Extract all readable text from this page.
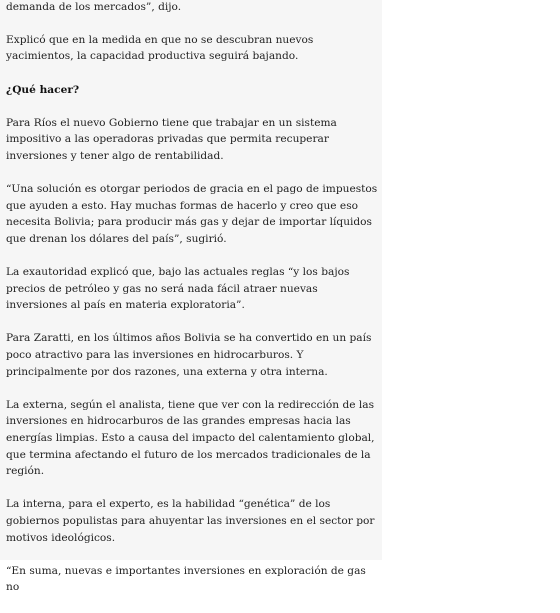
demanda de los mercados”, dijo.

Explicó que en la medida en que no se descubran nuevos yacimientos, la capacidad productiva seguirá bajando.

¿Qué hacer?

Para Ríos el nuevo Gobierno tiene que trabajar en un sistema impositivo a las operadoras privadas que permita recuperar inversiones y tener algo de rentabilidad.

“Una solución es otorgar periodos de gracia en el pago de impuestos que ayuden a esto. Hay muchas formas de hacerlo y creo que eso necesita Bolivia; para producir más gas y dejar de importar líquidos que drenan los dólares del país”, sugirió.

La exautoridad explicó que, bajo las actuales reglas “y los bajos precios de petróleo y gas no será nada fácil atraer nuevas inversiones al país en materia exploratoria”.

Para Zaratti, en los últimos años Bolivia se ha convertido en un país poco atractivo para las inversiones en hidrocarburos. Y principalmente por dos razones, una externa y otra interna.

La externa, según el analista, tiene que ver con la redirección de las inversiones en hidrocarburos de las grandes empresas hacia las energías limpias. Esto a causa del impacto del calentamiento global, que termina afectando el futuro de los mercados tradicionales de la región.

La interna, para el experto, es la habilidad “genética” de los gobiernos populistas para ahuyentar las inversiones en el sector por motivos ideológicos.

“En suma, nuevas e importantes inversiones en exploración de gas no
